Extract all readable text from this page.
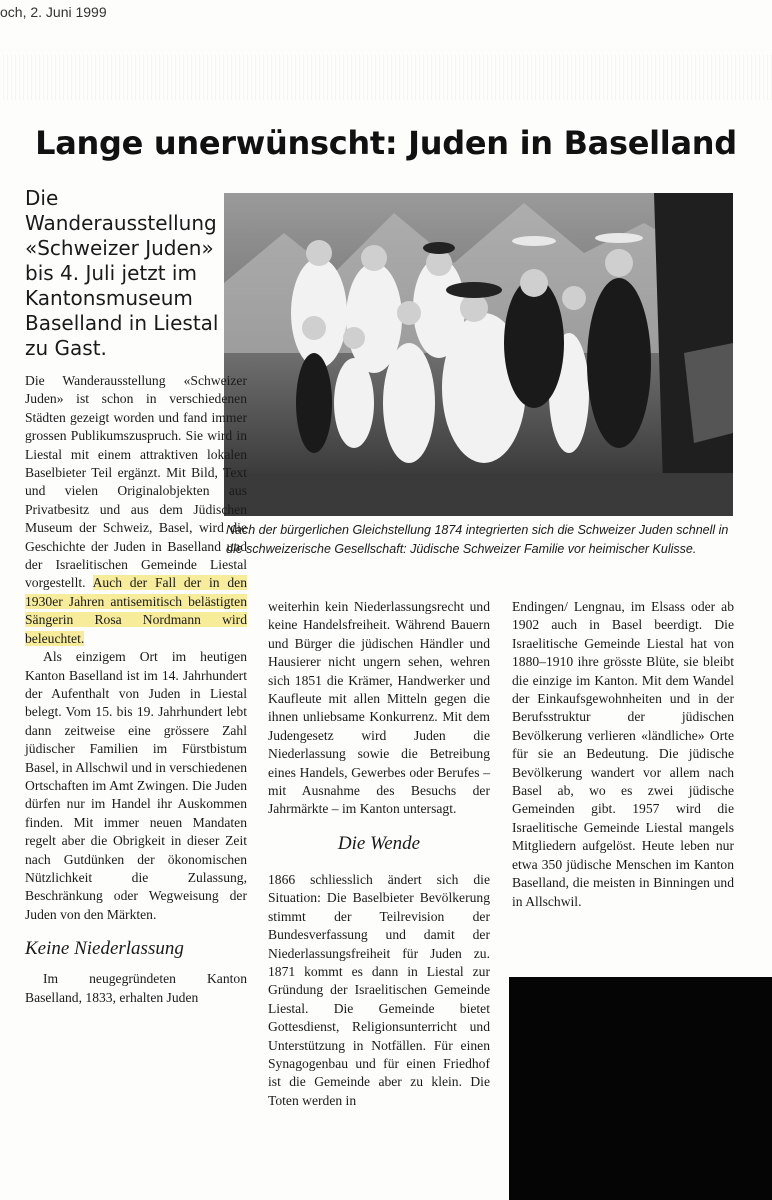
och, 2. Juni 1999
Lange unerwünscht: Juden in Baselland

Die Wanderausstellung «Schweizer Juden» bis 4. Juli jetzt im Kantonsmuseum Baselland in Liestal zu Gast.

Nach der bürgerlichen Gleichstellung 1874 integrierten sich die Schweizer Juden schnell in die schweizerische Gesellschaft: Jüdische Schweizer Familie vor heimischer Kulisse.

Die Wanderausstellung «Schweizer Juden» ist schon in verschiedenen Städten gezeigt worden und fand immer grossen Publikumszuspruch. Sie wird in Liestal mit einem attraktiven lokalen Baselbieter Teil ergänzt. Mit Bild, Text und vielen Originalobjekten aus Privatbesitz und aus dem Jüdischen Museum der Schweiz, Basel, wird die Geschichte der Juden in Baselland und der Israelitischen Gemeinde Liestal vorgestellt. Auch der Fall der in den 1930er Jahren antisemitisch belästigten Sängerin Rosa Nordmann wird beleuchtet.

Als einzigem Ort im heutigen Kanton Baselland ist im 14. Jahrhundert der Aufenthalt von Juden in Liestal belegt. Vom 15. bis 19. Jahrhundert lebt dann zeitweise eine grössere Zahl jüdischer Familien im Fürstbistum Basel, in Allschwil und in verschiedenen Ortschaften im Amt Zwingen. Die Juden dürfen nur im Handel ihr Auskommen finden. Mit immer neuen Mandaten regelt aber die Obrigkeit in dieser Zeit nach Gutdünken der ökonomischen Nützlichkeit die Zulassung, Beschränkung oder Wegweisung der Juden von den Märkten.

Keine Niederlassung

Im neugegründeten Kanton Baselland, 1833, erhalten Juden

weiterhin kein Niederlassungsrecht und keine Handelsfreiheit. Während Bauern und Bürger die jüdischen Händler und Hausierer nicht ungern sehen, wehren sich 1851 die Krämer, Handwerker und Kaufleute mit allen Mitteln gegen die ihnen unliebsame Konkurrenz. Mit dem Judengesetz wird Juden die Niederlassung sowie die Betreibung eines Handels, Gewerbes oder Berufes – mit Ausnahme des Besuchs der Jahrmärkte – im Kanton untersagt.

Die Wende

1866 schliesslich ändert sich die Situation: Die Baselbieter Bevölkerung stimmt der Teilrevision der Bundesverfassung und damit der Niederlassungsfreiheit für Juden zu. 1871 kommt es dann in Liestal zur Gründung der Israelitischen Gemeinde Liestal. Die Gemeinde bietet Gottesdienst, Religionsunterricht und Unterstützung in Notfällen. Für einen Synagogenbau und für einen Friedhof ist die Gemeinde aber zu klein. Die Toten werden in

Endingen/ Lengnau, im Elsass oder ab 1902 auch in Basel beerdigt. Die Israelitische Gemeinde Liestal hat von 1880–1910 ihre grösste Blüte, sie bleibt die einzige im Kanton. Mit dem Wandel der Einkaufsgewohnheiten und in der Berufsstruktur der jüdischen Bevölkerung verlieren «ländliche» Orte für sie an Bedeutung. Die jüdische Bevölkerung wandert vor allem nach Basel ab, wo es zwei jüdische Gemeinden gibt. 1957 wird die Israelitische Gemeinde Liestal mangels Mitgliedern aufgelöst. Heute leben nur etwa 350 jüdische Menschen im Kanton Baselland, die meisten in Binningen und in Allschwil.
